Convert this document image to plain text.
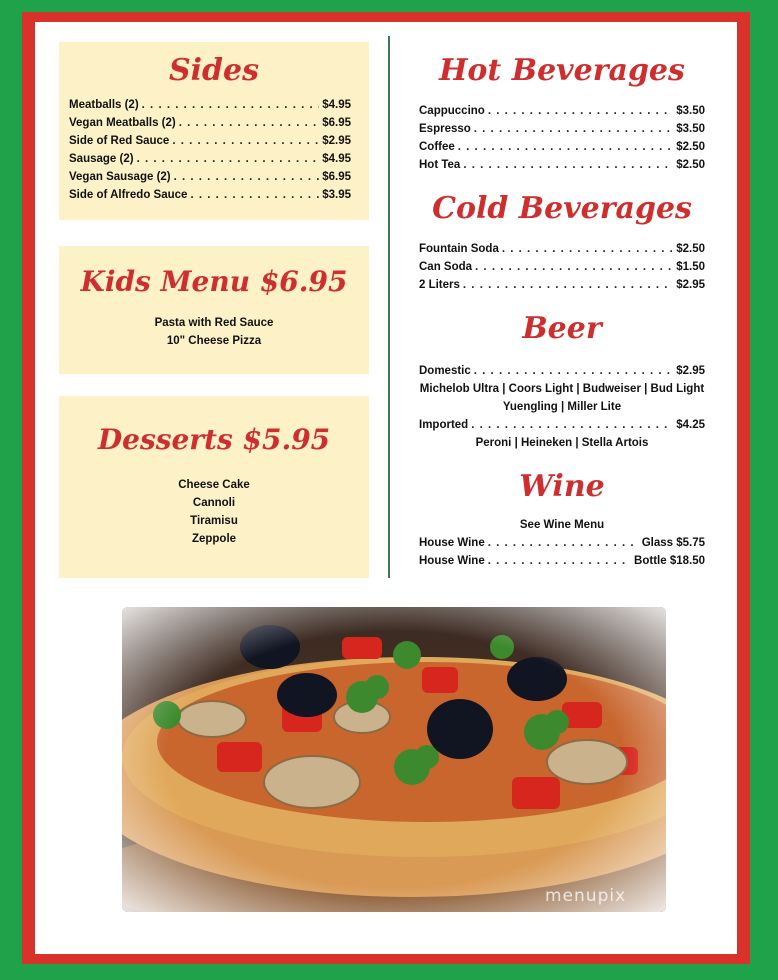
Sides
Meatballs (2) . . .	$4.95
Vegan Meatballs (2) . . .	$6.95
Side of Red Sauce . . .	$2.95
Sausage (2) . . .	$4.95
Vegan Sausage (2) . . .	$6.95
Side of Alfredo Sauce . . .	$3.95
Kids Menu $6.95
Pasta with Red Sauce
10" Cheese Pizza
Desserts $5.95
Cheese Cake
Cannoli
Tiramisu
Zeppole
Hot Beverages
Cappuccino . . .	$3.50
Espresso . . .	$3.50
Coffee . . .	$2.50
Hot Tea . . .	$2.50
Cold Beverages
Fountain Soda . . .	$2.50
Can Soda . . .	$1.50
2 Liters . . .	$2.95
Beer
Domestic . . .	$2.95
Michelob Ultra | Coors Light | Budweiser | Bud Light
Yuengling | Miller Lite
Imported . . .	$4.25
Peroni | Heineken | Stella Artois
Wine
See Wine Menu
House Wine . . .	Glass $5.75
House Wine . . .	Bottle $18.50
menupix
